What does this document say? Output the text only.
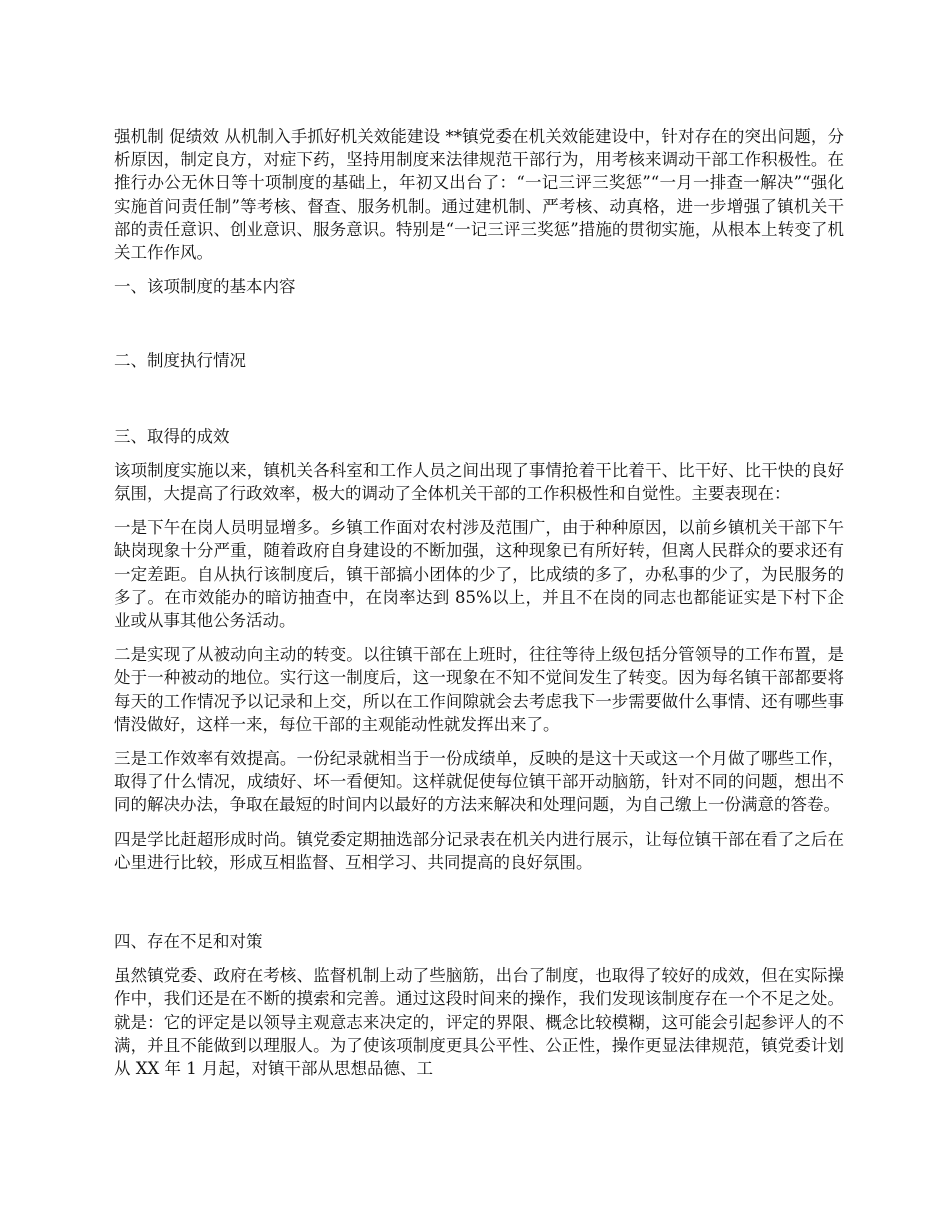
强机制 促绩效 从机制入手抓好机关效能建设 **镇党委在机关效能建设中，针对存在的突出问题，分析原因，制定良方，对症下药，坚持用制度来法律规范干部行为，用考核来调动干部工作积极性。在推行办公无休日等十项制度的基础上，年初又出台了：“一记三评三奖惩”“一月一排查一解决”“强化实施首问责任制”等考核、督查、服务机制。通过建机制、严考核、动真格，进一步增强了镇机关干部的责任意识、创业意识、服务意识。特别是“一记三评三奖惩”措施的贯彻实施，从根本上转变了机关工作作风。

一、该项制度的基本内容

二、制度执行情况

三、取得的成效

该项制度实施以来，镇机关各科室和工作人员之间出现了事情抢着干比着干、比干好、比干快的良好氛围，大提高了行政效率，极大的调动了全体机关干部的工作积极性和自觉性。主要表现在：

一是下午在岗人员明显增多。乡镇工作面对农村涉及范围广，由于种种原因，以前乡镇机关干部下午缺岗现象十分严重，随着政府自身建设的不断加强，这种现象已有所好转，但离人民群众的要求还有一定差距。自从执行该制度后，镇干部搞小团体的少了，比成绩的多了，办私事的少了，为民服务的多了。在市效能办的暗访抽查中，在岗率达到 85%以上，并且不在岗的同志也都能证实是下村下企业或从事其他公务活动。

二是实现了从被动向主动的转变。以往镇干部在上班时，往往等待上级包括分管领导的工作布置，是处于一种被动的地位。实行这一制度后，这一现象在不知不觉间发生了转变。因为每名镇干部都要将每天的工作情况予以记录和上交，所以在工作间隙就会去考虑我下一步需要做什么事情、还有哪些事情没做好，这样一来，每位干部的主观能动性就发挥出来了。

三是工作效率有效提高。一份纪录就相当于一份成绩单，反映的是这十天或这一个月做了哪些工作，取得了什么情况，成绩好、坏一看便知。这样就促使每位镇干部开动脑筋，针对不同的问题，想出不同的解决办法，争取在最短的时间内以最好的方法来解决和处理问题，为自己缴上一份满意的答卷。

四是学比赶超形成时尚。镇党委定期抽选部分记录表在机关内进行展示，让每位镇干部在看了之后在心里进行比较，形成互相监督、互相学习、共同提高的良好氛围。

四、存在不足和对策

虽然镇党委、政府在考核、监督机制上动了些脑筋，出台了制度，也取得了较好的成效，但在实际操作中，我们还是在不断的摸索和完善。通过这段时间来的操作，我们发现该制度存在一个不足之处。就是：它的评定是以领导主观意志来决定的，评定的界限、概念比较模糊，这可能会引起参评人的不满，并且不能做到以理服人。为了使该项制度更具公平性、公正性，操作更显法律规范，镇党委计划从 XX 年 1 月起，对镇干部从思想品德、工
